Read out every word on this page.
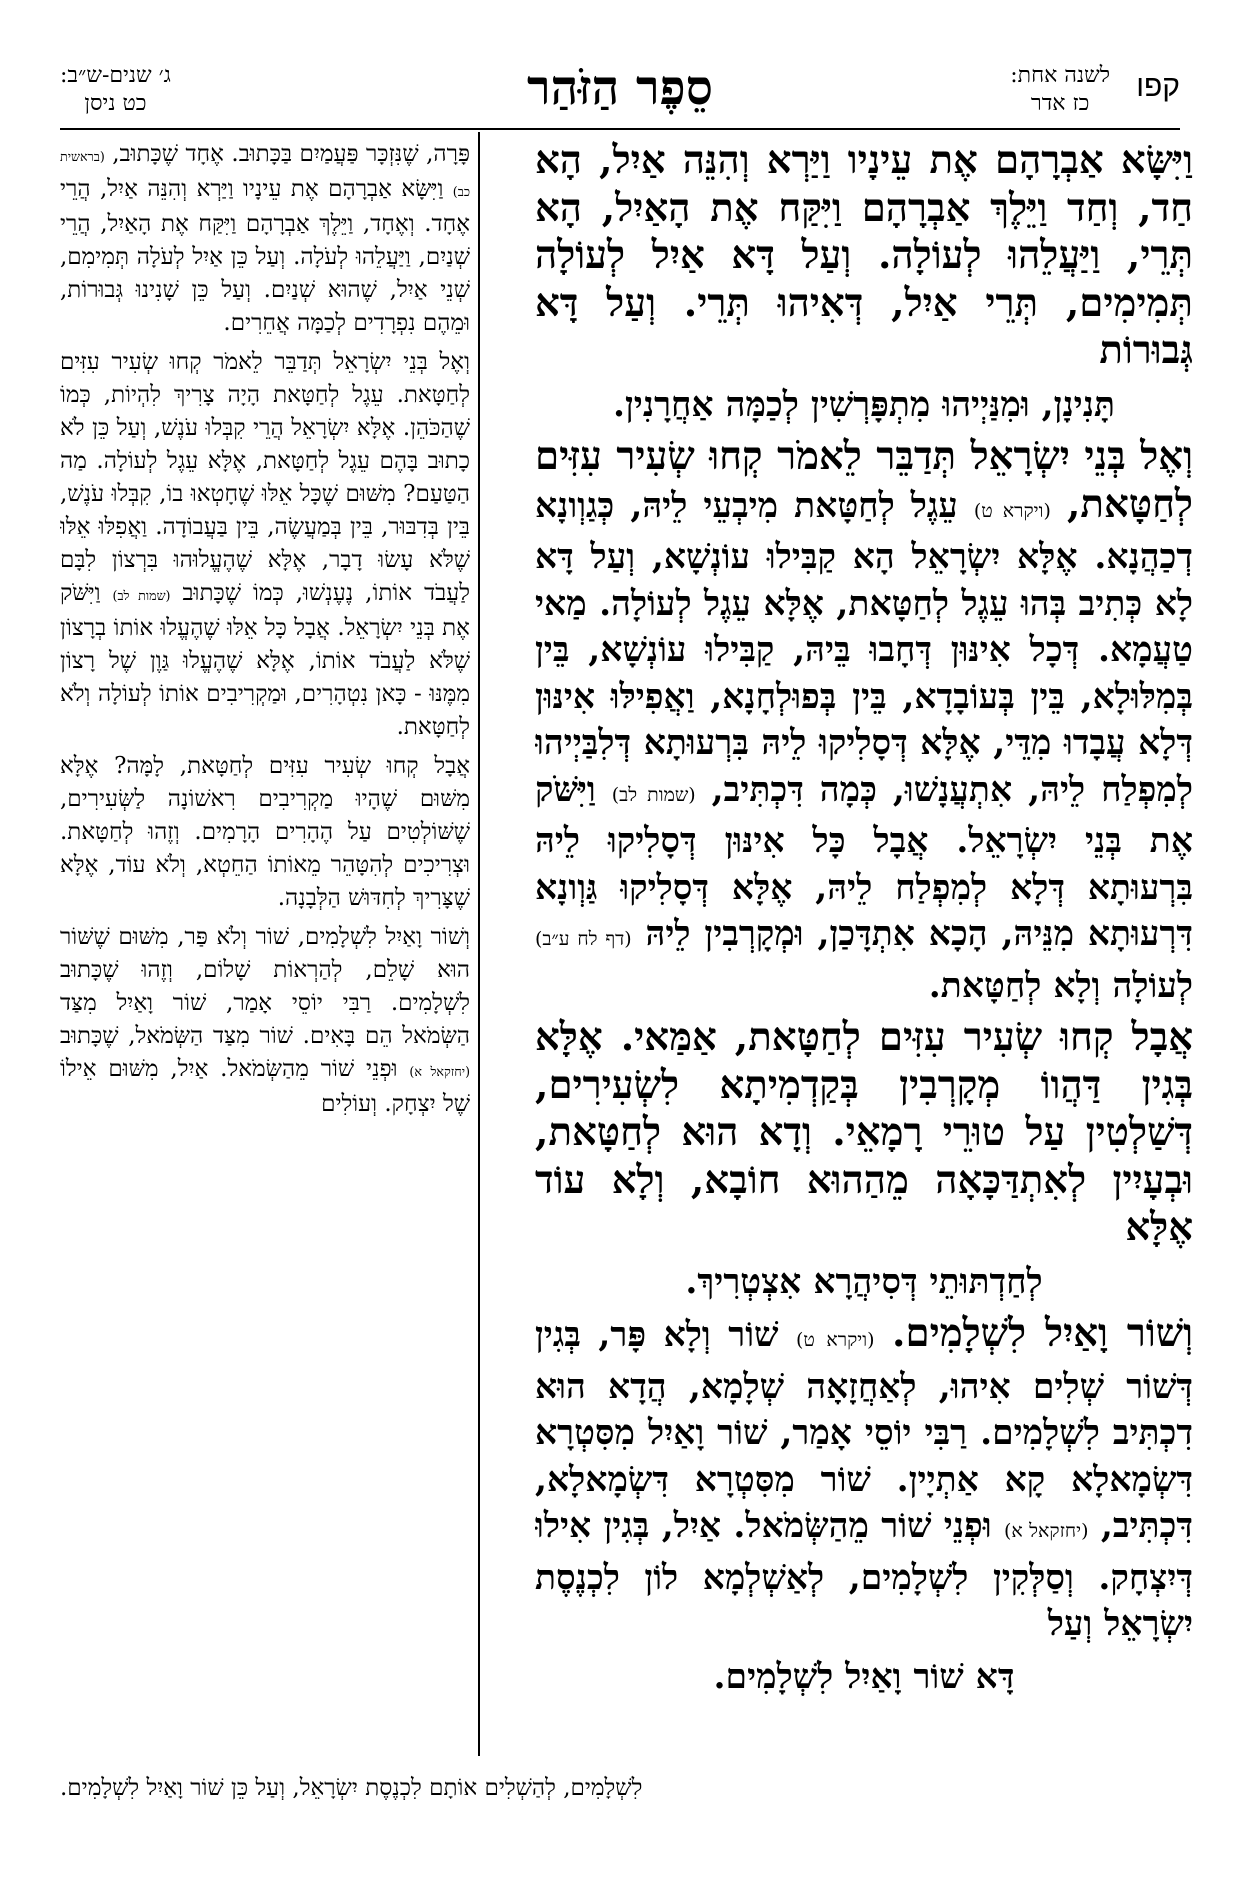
קפו
לשנה אחת:
כז אדר
סֵפֶר הַזֹּהַר
ג׳ שנים-ש״ב:
כט ניסן

וַיִּשָּׂא אַבְרָהָם אֶת עֵינָיו וַיַּרְא וְהִנֵּה אַיִל, הָא חַד, וְחַד וַיֵּלֶךְ אַבְרָהָם וַיִּקַּח אֶת הָאַיִל, הָא תְּרֵי, וַיַּעֲלֵהוּ לְעוֹלָה. וְעַל דָּא אַיִל לְעוֹלָה תְּמִימִים, תְּרֵי אַיִל, דְּאִיהוּ תְּרֵי. וְעַל דָּא גְּבוּרוֹת

תָּנִינָן, וּמִנַּיְיהוּ מִתְפָּרְשִׁין לְכַמָּה אַחֲרָנִין.

וְאֶל בְּנֵי יִשְׂרָאֵל תְּדַבֵּר לֵאמֹר קְחוּ שְׂעִיר עִזִּים לְחַטָּאת, (ויקרא ט) עֵגֶל לְחַטָּאת מִיבְעֵי לֵיהּ, כְּגַוְונָא דְכַהֲנָא. אֶלָּא יִשְׂרָאֵל הָא קַבִּילוּ עוֹנְשָׁא, וְעַל דָּא לָא כְּתִיב בְּהוּ עֵגֶל לְחַטָּאת, אֶלָּא עֵגֶל לְעוֹלָה. מַאי טַעֲמָא. דְּכָל אִינּוּן דְּחָבוּ בֵּיהּ, קַבִּילוּ עוֹנְשָׁא, בֵּין בְּמִלּוּלָא, בֵּין בְּעוֹבָדָא, בֵּין בְּפוּלְחָנָא, וַאֲפִילּוּ אִינּוּן דְּלָא עֲבָדוּ מִדֵּי, אֶלָּא דְּסָלִיקוּ לֵיהּ בִּרְעוּתָא דְּלִבַּיְיהוּ לְמִפְלַח לֵיהּ, אִתְעֲנָשׁוּ, כְּמָה דִּכְתִּיב, (שמות לב) וַיִּשֹּׁק אֶת בְּנֵי יִשְׂרָאֵל. אֲבָל כָּל אִינּוּן דְּסָלִיקוּ לֵיהּ בִּרְעוּתָא דְּלָא לְמִפְלַח לֵיהּ, אֶלָּא דְּסָלִיקוּ גַּוְונָא דִּרְעוּתָא מִנֵּיהּ, הָכָא אִתְדָּכַן, וּמְקָרְבִין לֵיהּ (דף לח ע״ב) לְעוֹלָה וְלָא לְחַטָּאת.

אֲבָל קְחוּ שְׂעִיר עִזִּים לְחַטָּאת, אַמַּאי. אֶלָּא בְּגִין דַּהֲווֹ מְקָרְבִין בְּקַדְמִיתָא לִשְׂעִירִים, דְּשַׁלְטִין עַל טוּרֵי רָמָאֵי. וְדָא הוּא לְחַטָּאת, וּבְעָיִין לְאִתְדַּכָּאָה מֵהַהוּא חוֹבָא, וְלָא עוֹד אֶלָּא

לְחַדְתּוּתֵי דְּסִיהֲרָא אִצְטְרִיךְ.

וְשׁוֹר וָאַיִל לִשְׁלָמִים. (ויקרא ט) שׁוֹר וְלָא פָּר, בְּגִין דְּשׁוֹר שְׁלִים אִיהוּ, לְאַחֲזָאָה שְׁלָמָא, הֲדָא הוּא דִכְתִּיב לִשְׁלָמִים. רַבִּי יוֹסֵי אָמַר, שׁוֹר וָאַיִל מִסִּטְרָא דִּשְׂמָאלָא קָא אַתְיָין. שׁוֹר מִסִּטְרָא דִּשְׂמָאלָא, דִּכְתִּיב, (יחזקאל א) וּפְנֵי שׁוֹר מֵהַשְּׂמֹאל. אַיִל, בְּגִין אִילוּ דְּיִצְחָק. וְסַלְּקִין לִשְׁלָמִים, לְאַשְׁלְמָא לוֹן לִכְנֶסֶת יִשְׂרָאֵל וְעַל

דָּא שׁוֹר וָאַיִל לִשְׁלָמִים.

פָּרָה, שֶׁנִּזְכָּר פַּעֲמַיִם בַּכָּתוּב. אֶחָד שֶׁכָּתוּב, (בראשית כב) וַיִּשָּׂא אַבְרָהָם אֶת עֵינָיו וַיַּרְא וְהִנֵּה אַיִל, הֲרֵי אֶחָד. וְאֶחָד, וַיֵּלֶךְ אַבְרָהָם וַיִּקַּח אֶת הָאַיִל, הֲרֵי שְׁנַיִם, וַיַּעֲלֵהוּ לְעֹלָה. וְעַל כֵּן אַיִל לְעֹלָה תְּמִימִם, שְׁנֵי אַיִל, שֶׁהוּא שְׁנַיִם. וְעַל כֵּן שָׁנִינוּ גְּבוּרוֹת, וּמֵהֶם נִפְרָדִים לְכַמָּה אֲחֵרִים.

וְאֶל בְּנֵי יִשְׂרָאֵל תְּדַבֵּר לֵאמֹר קְחוּ שְׂעִיר עִזִּים לְחַטָּאת. עֵגֶל לְחַטָּאת הָיָה צָרִיךְ לִהְיוֹת, כְּמוֹ שֶׁהַכֹּהֵן. אֶלָּא יִשְׂרָאֵל הֲרֵי קִבְּלוּ עֹנֶשׁ, וְעַל כֵּן לֹא כָתוּב בָּהֶם עֵגֶל לְחַטָּאת, אֶלָּא עֵגֶל לְעוֹלָה. מַה הַטַּעַם? מִשּׁוּם שֶׁכָּל אֵלּוּ שֶׁחָטְאוּ בוֹ, קִבְּלוּ עֹנֶשׁ, בֵּין בְּדִבּוּר, בֵּין בְּמַעֲשֶׂה, בֵּין בַּעֲבוֹדָה. וַאֲפִלּוּ אֵלּוּ שֶׁלֹּא עָשׂוּ דָבָר, אֶלָּא שֶׁהֶעֱלוּהוּ בִּרְצוֹן לִבָּם לַעֲבֹד אוֹתוֹ, נֶעֶנְשׁוּ, כְּמוֹ שֶׁכָּתוּב (שמות לב) וַיִּשֹּׁק אֶת בְּנֵי יִשְׂרָאֵל. אֲבָל כָּל אֵלּוּ שֶׁהֶעֱלוּ אוֹתוֹ בְרָצוֹן שֶׁלֹּא לַעֲבֹד אוֹתוֹ, אֶלָּא שֶׁהֶעֱלוּ גַּוֶן שֶׁל רָצוֹן מִמֶּנּוּ - כָּאן נִטְהָרִים, וּמַקְרִיבִים אוֹתוֹ לְעוֹלָה וְלֹא לְחַטָּאת.

אֲבָל קְחוּ שְׂעִיר עִזִּים לְחַטָּאת, לָמָּה? אֶלָּא מִשּׁוּם שֶׁהָיוּ מַקְרִיבִים רִאשׁוֹנָה לַשְּׂעִירִים, שֶׁשּׁוֹלְטִים עַל הֶהָרִים הָרָמִים. וְזֶהוּ לְחַטָּאת. וּצְרִיכִים לְהִטָּהֵר מֵאוֹתוֹ הַחֵטְא, וְלֹא עוֹד, אֶלָּא שֶׁצָּרִיךְ לְחִדּוּשׁ הַלְּבָנָה.

וְשׁוֹר וָאַיִל לִשְׁלָמִים, שׁוֹר וְלֹא פַּר, מִשּׁוּם שֶׁשּׁוֹר הוּא שָׁלֵם, לְהַרְאוֹת שָׁלוֹם, וְזֶהוּ שֶׁכָּתוּב לִשְׁלָמִים. רַבִּי יוֹסֵי אָמַר, שׁוֹר וָאַיִל מִצַּד הַשְּׂמֹאל הֵם בָּאִים. שׁוֹר מִצַּד הַשְּׂמֹאל, שֶׁכָּתוּב (יחזקאל א) וּפְנֵי שׁוֹר מֵהַשְּׂמֹאל. אַיִל, מִשּׁוּם אֵילוֹ שֶׁל יִצְחָק. וְעוֹלִים

לִשְׁלָמִים, לְהַשְׁלִים אוֹתָם לִכְנֶסֶת יִשְׂרָאֵל, וְעַל כֵּן שׁוֹר וָאַיִל לִשְׁלָמִים.
